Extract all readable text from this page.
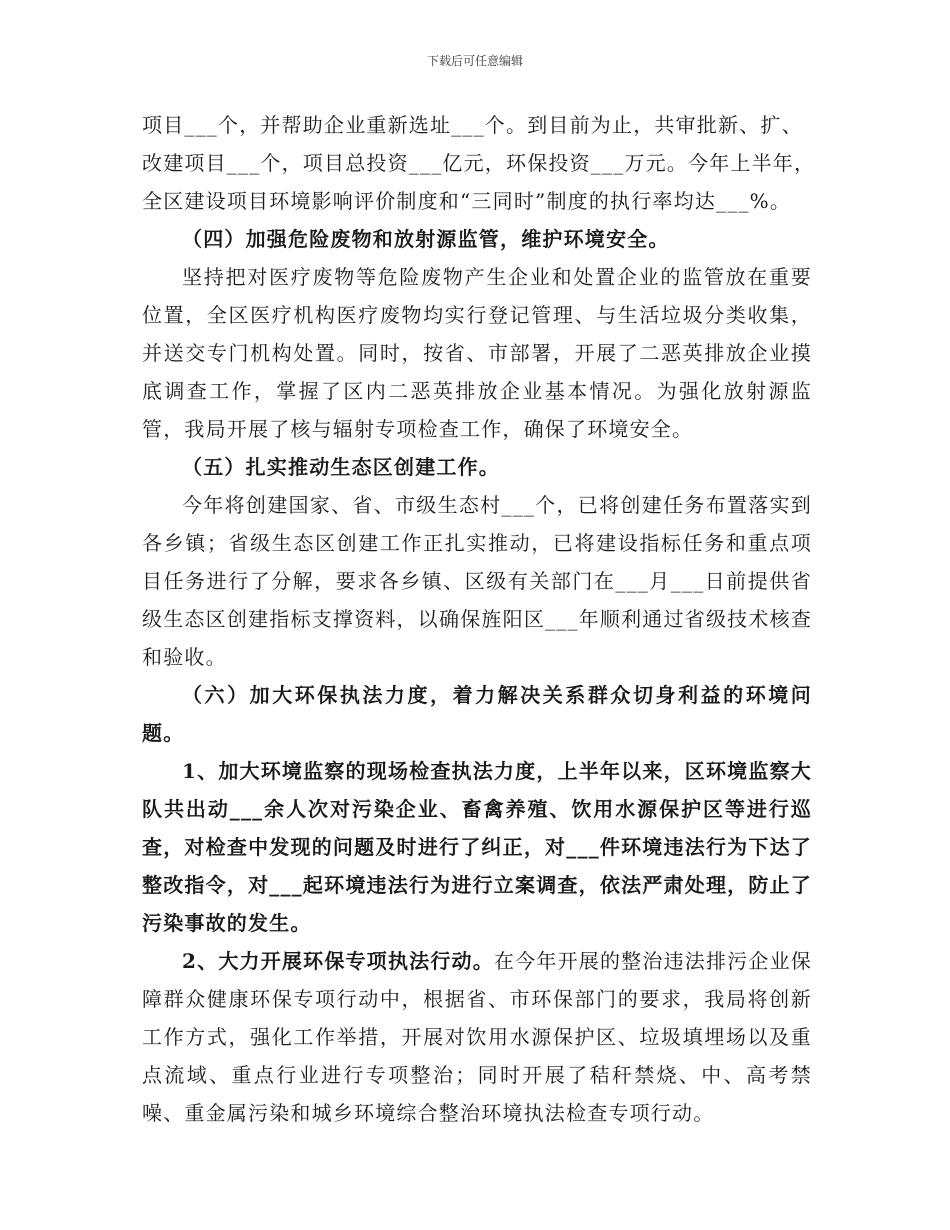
下载后可任意编辑

项目___个，并帮助企业重新选址___个。到目前为止，共审批新、扩、
改建项目___个，项目总投资___亿元，环保投资___万元。今年上半年，
全区建设项目环境影响评价制度和“三同时”制度的执行率均达___%。

（四）加强危险废物和放射源监管，维护环境安全。

坚持把对医疗废物等危险废物产生企业和处置企业的监管放在重要位置，全区医疗机构医疗废物均实行登记管理、与生活垃圾分类收集，并送交专门机构处置。同时，按省、市部署，开展了二恶英排放企业摸底调查工作，掌握了区内二恶英排放企业基本情况。为强化放射源监管，我局开展了核与辐射专项检查工作，确保了环境安全。

（五）扎实推动生态区创建工作。

今年将创建国家、省、市级生态村___个，已将创建任务布置落实到各乡镇；省级生态区创建工作正扎实推动，已将建设指标任务和重点项目任务进行了分解，要求各乡镇、区级有关部门在___月___日前提供省级生态区创建指标支撑资料，以确保旌阳区___年顺利通过省级技术核查和验收。

（六）加大环保执法力度，着力解决关系群众切身利益的环境问题。

1、加大环境监察的现场检查执法力度，上半年以来，区环境监察大队共出动___余人次对污染企业、畜禽养殖、饮用水源保护区等进行巡查，对检查中发现的问题及时进行了纠正，对___件环境违法行为下达了整改指令，对___起环境违法行为进行立案调查，依法严肃处理，防止了污染事故的发生。

2、大力开展环保专项执法行动。在今年开展的整治违法排污企业保障群众健康环保专项行动中，根据省、市环保部门的要求，我局将创新工作方式，强化工作举措，开展对饮用水源保护区、垃圾填埋场以及重点流域、重点行业进行专项整治；同时开展了秸秆禁烧、中、高考禁噪、重金属污染和城乡环境综合整治环境执法检查专项行动。
